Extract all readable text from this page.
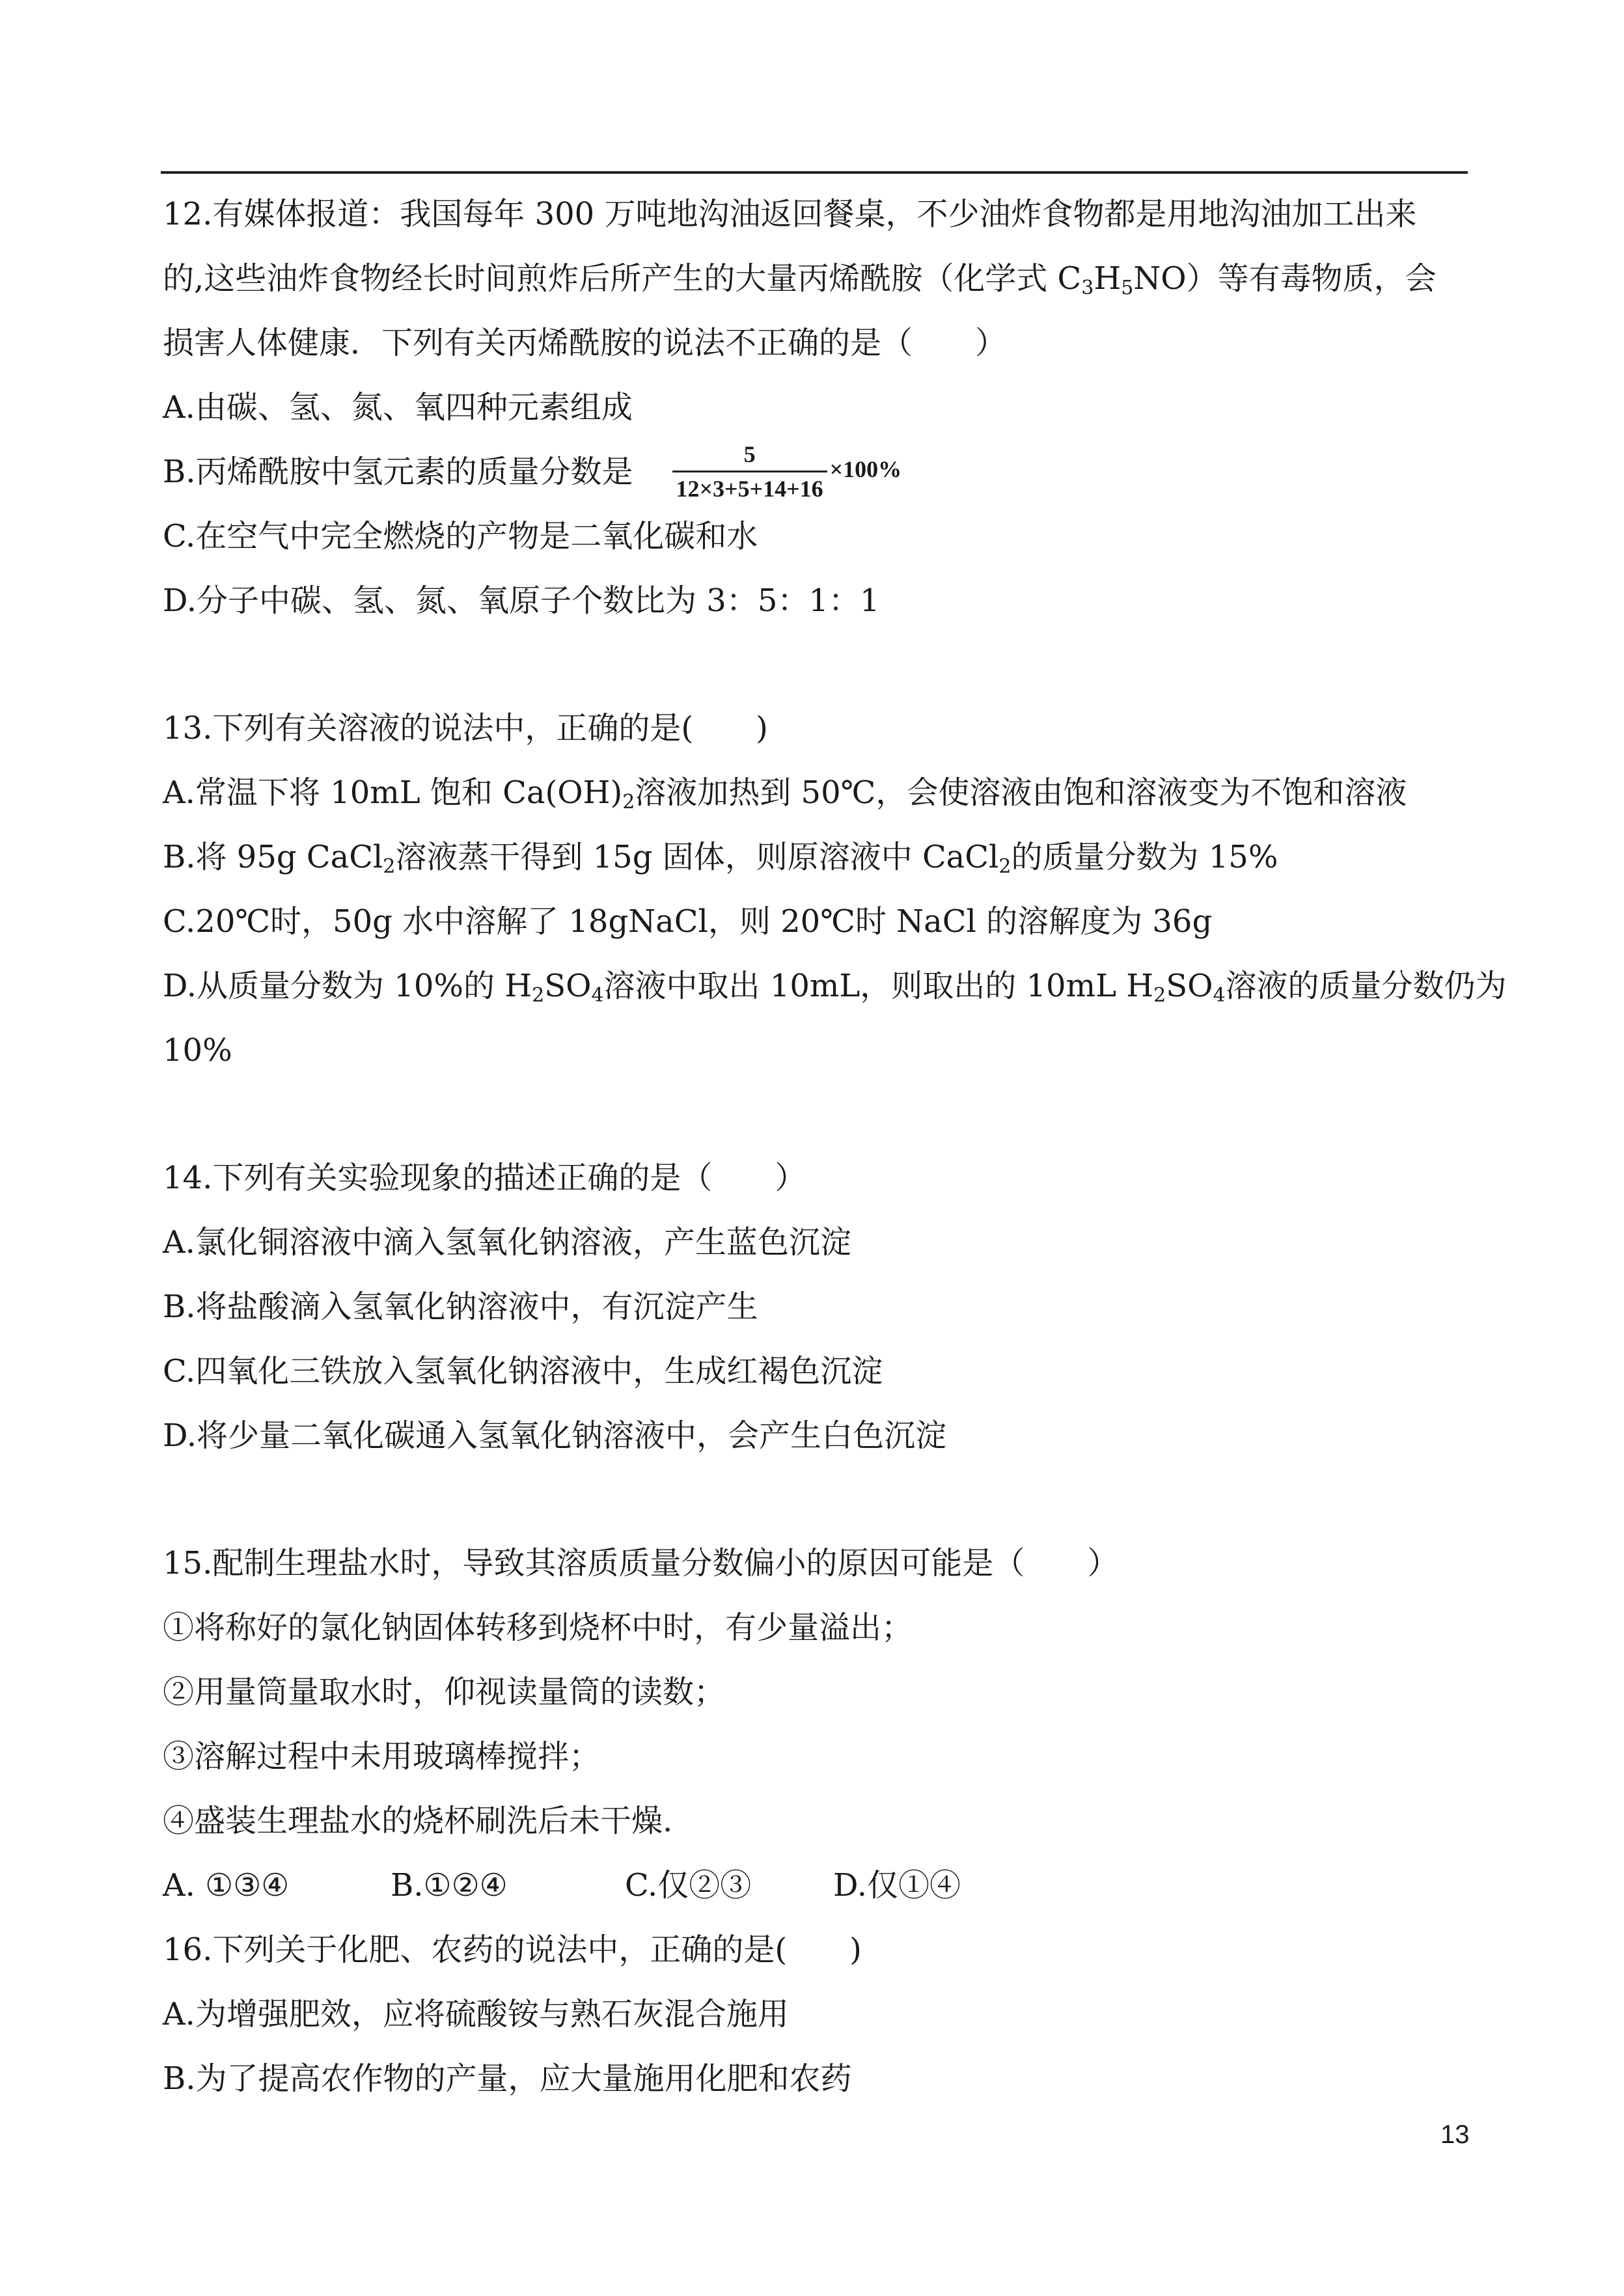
12.有媒体报道：我国每年 300 万吨地沟油返回餐桌，不少油炸食物都是用地沟油加工出来
的,这些油炸食物经长时间煎炸后所产生的大量丙烯酰胺（化学式 $C_3H_5NO$）等有毒物质，会
损害人体健康．下列有关丙烯酰胺的说法不正确的是（　　）
A.由碳、氢、氮、氧四种元素组成
B.丙烯酰胺中氢元素的质量分数是 $\frac{5}{12\times 3+5+14+16} \times 100\%$
C.在空气中完全燃烧的产物是二氧化碳和水
D.分子中碳、氢、氮、氧原子个数比为 3：5：1：1
13.下列有关溶液的说法中，正确的是(　　)
A.常温下将 10mL 饱和 $Ca(OH)_2$溶液加热到 50℃，会使溶液由饱和溶液变为不饱和溶液
B.将 95g CaCl$_2$溶液蒸干得到 15g 固体，则原溶液中 CaCl$_2$的质量分数为 15%
C.20℃时，50g 水中溶解了 18gNaCl，则 20℃时 NaCl 的溶解度为 36g
D.从质量分数为 10%的 $H_2SO_4$溶液中取出 10mL，则取出的 10mL $H_2SO_4$溶液的质量分数仍为
10%
14.下列有关实验现象的描述正确的是（　　）
A.氯化铜溶液中滴入氢氧化钠溶液，产生蓝色沉淀
B.将盐酸滴入氢氧化钠溶液中，有沉淀产生
C.四氧化三铁放入氢氧化钠溶液中，生成红褐色沉淀
D.将少量二氧化碳通入氢氧化钠溶液中，会产生白色沉淀
15.配制生理盐水时，导致其溶质质量分数偏小的原因可能是（　　）
①将称好的氯化钠固体转移到烧杯中时，有少量溢出；
②用量筒量取水时，仰视读量筒的读数；
③溶解过程中未用玻璃棒搅拌；
④盛装生理盐水的烧杯刷洗后未干燥.
A. ①③④	B.①②④	C.仅②③	D.仅①④
16.下列关于化肥、农药的说法中，正确的是(　　)
A.为增强肥效，应将硫酸铵与熟石灰混合施用
B.为了提高农作物的产量，应大量施用化肥和农药
13
